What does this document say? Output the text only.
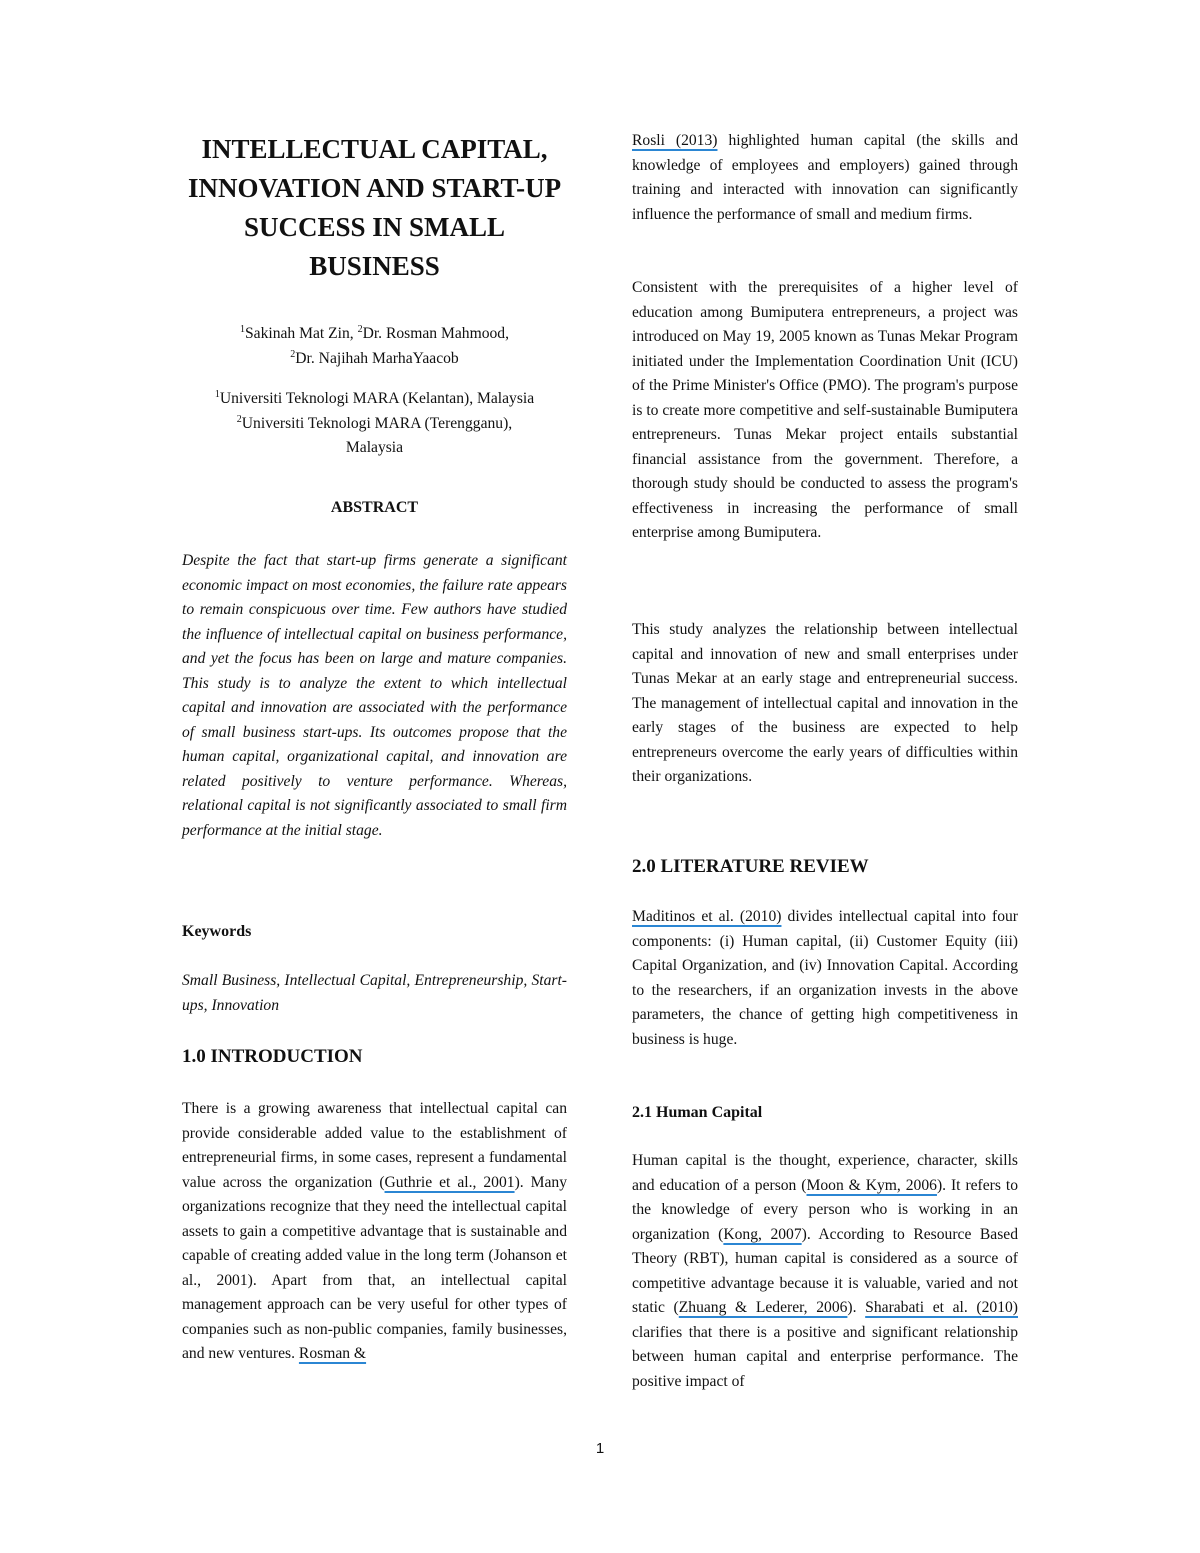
INTELLECTUAL CAPITAL, INNOVATION AND START-UP SUCCESS IN SMALL BUSINESS

$^1$Sakinah Mat Zin, $^2$Dr. Rosman Mahmood,

$^2$Dr. Najihah MarhaYaacob

$^1$Universiti Teknologi MARA (Kelantan), Malaysia

$^2$Universiti Teknologi MARA (Terengganu), Malaysia

ABSTRACT

Despite the fact that start-up firms generate a significant economic impact on most economies, the failure rate appears to remain conspicuous over time. Few authors have studied the influence of intellectual capital on business performance, and yet the focus has been on large and mature companies. This study is to analyze the extent to which intellectual capital and innovation are associated with the performance of small business start-ups. Its outcomes propose that the human capital, organizational capital, and innovation are related positively to venture performance. Whereas, relational capital is not significantly associated to small firm performance at the initial stage.

Keywords

Small Business, Intellectual Capital, Entrepreneurship, Start-ups, Innovation

1.0 INTRODUCTION

There is a growing awareness that intellectual capital can provide considerable added value to the establishment of entrepreneurial firms, in some cases, represent a fundamental value across the organization (Guthrie et al., 2001). Many organizations recognize that they need the intellectual capital assets to gain a competitive advantage that is sustainable and capable of creating added value in the long term (Johanson et al., 2001). Apart from that, an intellectual capital management approach can be very useful for other types of companies such as non-public companies, family businesses, and new ventures. Rosman &

Rosli (2013) highlighted human capital (the skills and knowledge of employees and employers) gained through training and interacted with innovation can significantly influence the performance of small and medium firms.

Consistent with the prerequisites of a higher level of education among Bumiputera entrepreneurs, a project was introduced on May 19, 2005 known as Tunas Mekar Program initiated under the Implementation Coordination Unit (ICU) of the Prime Minister's Office (PMO). The program's purpose is to create more competitive and self-sustainable Bumiputera entrepreneurs. Tunas Mekar project entails substantial financial assistance from the government. Therefore, a thorough study should be conducted to assess the program's effectiveness in increasing the performance of small enterprise among Bumiputera.

This study analyzes the relationship between intellectual capital and innovation of new and small enterprises under Tunas Mekar at an early stage and entrepreneurial success. The management of intellectual capital and innovation in the early stages of the business are expected to help entrepreneurs overcome the early years of difficulties within their organizations.

2.0 LITERATURE REVIEW

Maditinos et al. (2010) divides intellectual capital into four components: (i) Human capital, (ii) Customer Equity (iii) Capital Organization, and (iv) Innovation Capital. According to the researchers, if an organization invests in the above parameters, the chance of getting high competitiveness in business is huge.

2.1 Human Capital

Human capital is the thought, experience, character, skills and education of a person (Moon & Kym, 2006). It refers to the knowledge of every person who is working in an organization (Kong, 2007). According to Resource Based Theory (RBT), human capital is considered as a source of competitive advantage because it is valuable, varied and not static (Zhuang & Lederer, 2006). Sharabati et al. (2010) clarifies that there is a positive and significant relationship between human capital and enterprise performance. The positive impact of

1
